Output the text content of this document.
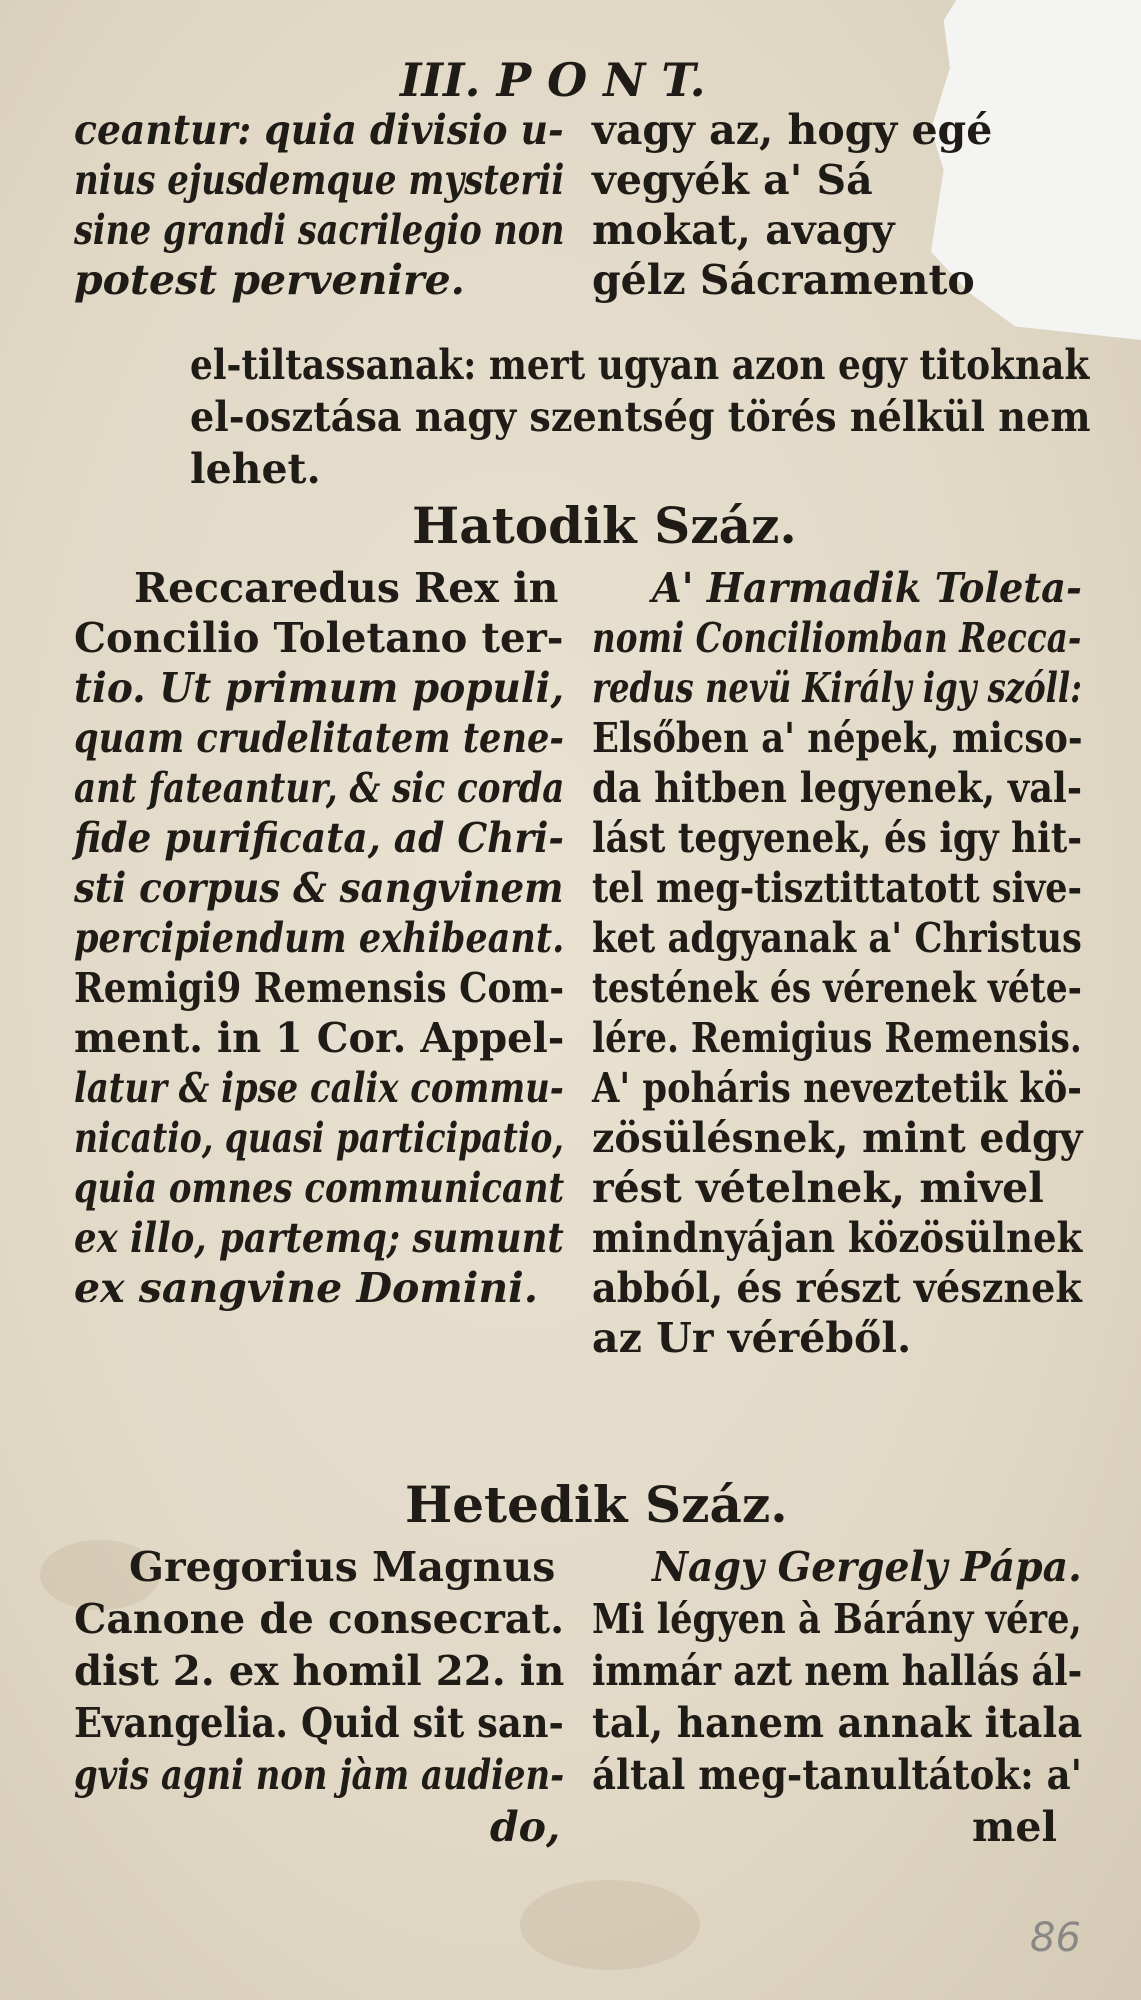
III. P O N T.
ceantur: quia divisio u-
nius ejusdemque mysterii
sine grandi sacrilegio non
potest pervenire.
vagy az, hogy egé
vegyék a' Sá
mokat, avagy
gélz Sácramento
el-tiltassanak: mert ugyan azon egy titoknak
el-osztása nagy szentség törés nélkül nem
lehet.
Hatodik Száz.
Reccaredus Rex in
Concilio Toletano ter-
tio. Ut primum populi,
quam crudelitatem tene-
ant fateantur, & sic corda
fide purificata, ad Chri-
sti corpus & sangvinem
percipiendum exhibeant.
Remigi9 Remensis Com-
ment. in 1 Cor. Appel-
latur & ipse calix commu-
nicatio, quasi participatio,
quia omnes communicant
ex illo, partemq; sumunt
ex sangvine Domini.
A' Harmadik Toleta-
nomi Conciliomban Recca-
redus nevü Király igy szóll:
Elsőben a' népek, micso-
da hitben legyenek, val-
lást tegyenek, és igy hit-
tel meg-tisztittatott sive-
ket adgyanak a' Christus
testének és vérenek véte-
lére. Remigius Remensis.
A' poháris neveztetik kö-
zösülésnek, mint edgy
rést vételnek, mivel
mindnyájan közösülnek
abból, és részt vésznek
az Ur véréből.
Hetedik Száz.
Gregorius Magnus
Canone de consecrat.
dist 2. ex homil 22. in
Evangelia. Quid sit san-
gvis agni non jàm audien-
do,
Nagy Gergely Pápa.
Mi légyen à Bárány vére,
immár azt nem hallás ál-
tal, hanem annak itala
által meg-tanultátok: a'
mel
86
